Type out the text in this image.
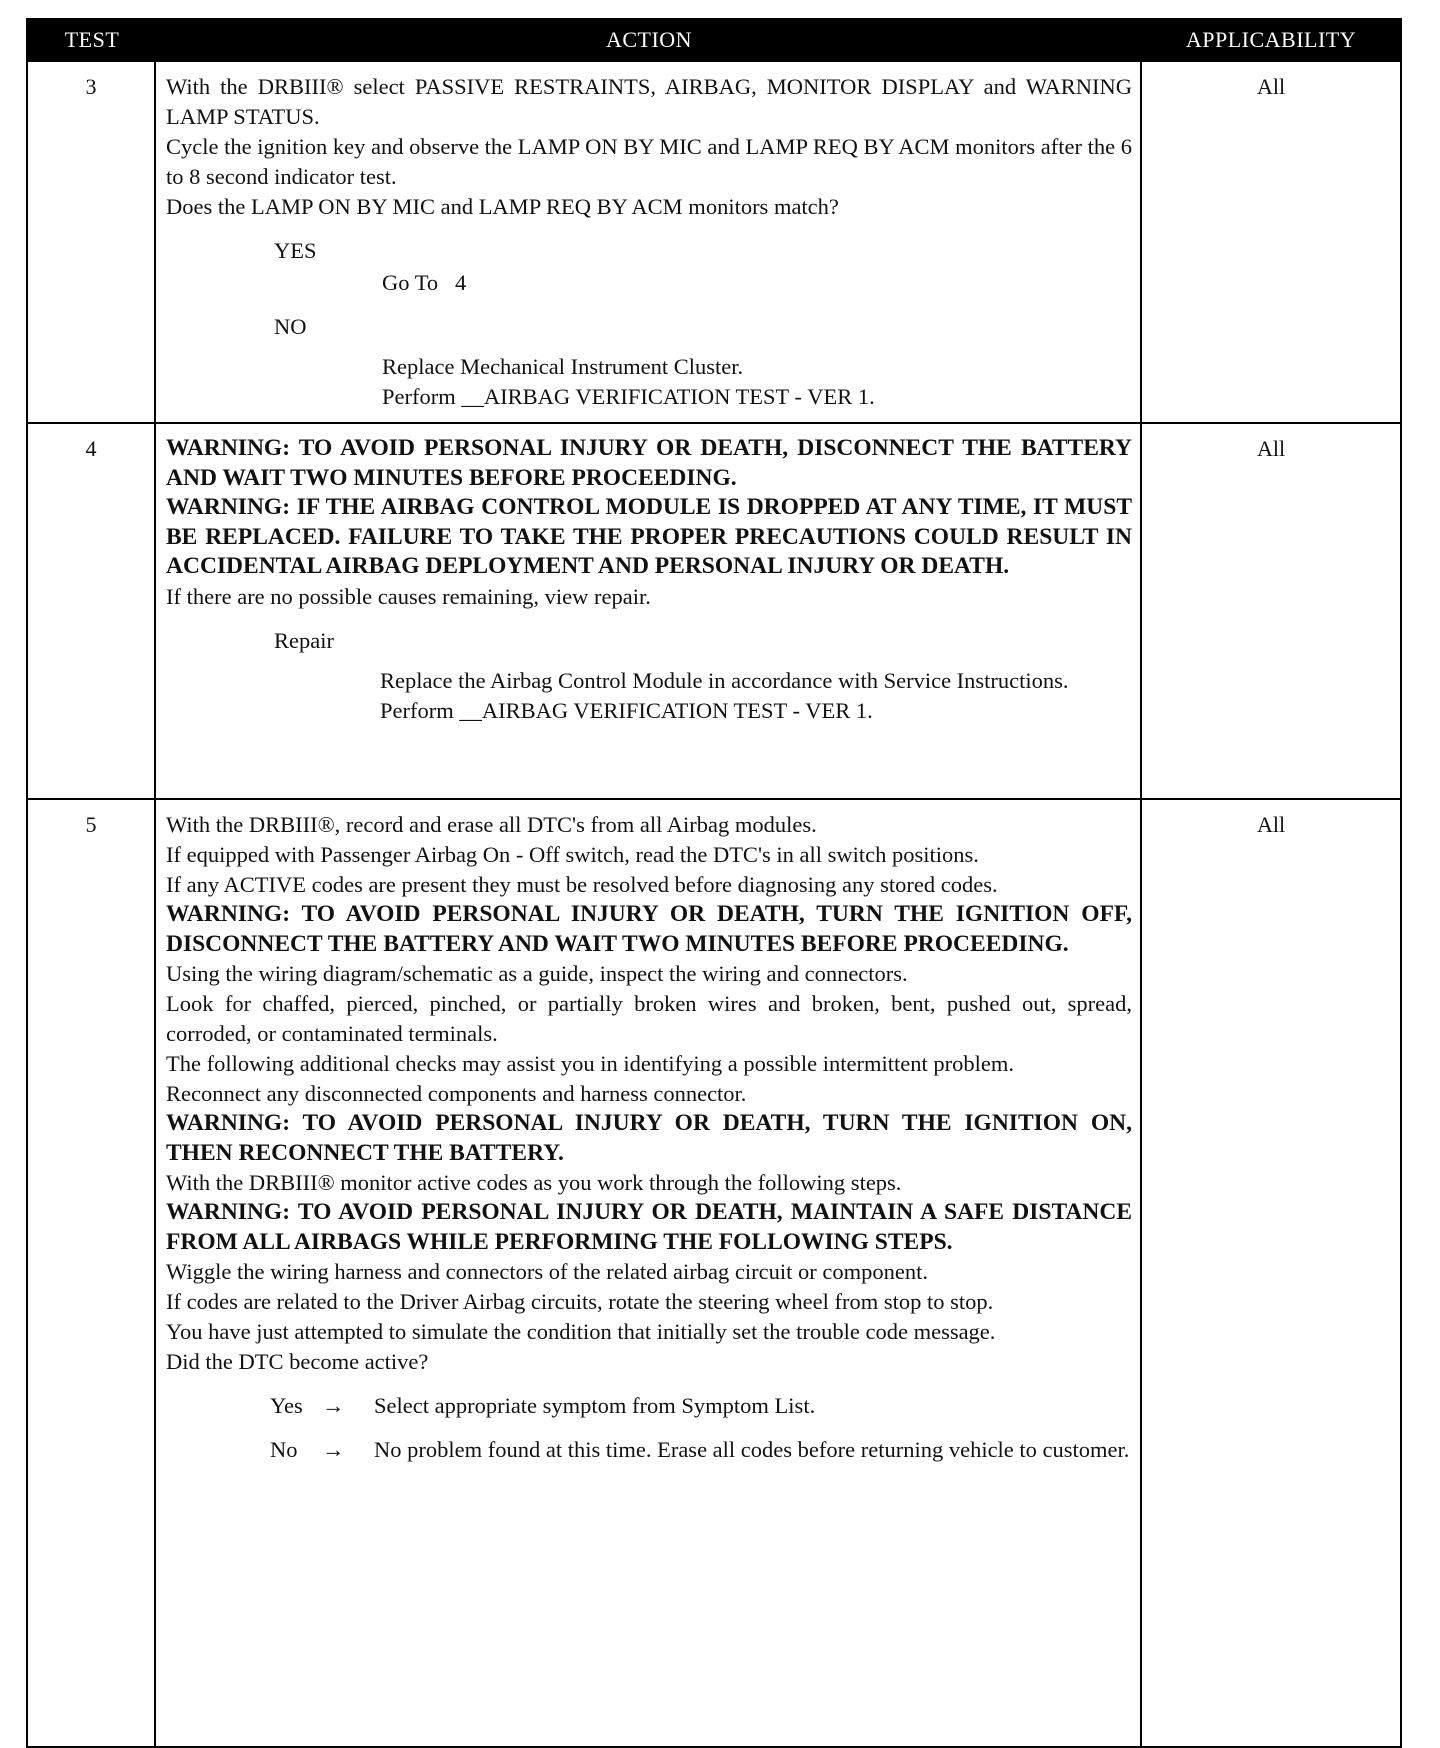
TEST	ACTION	APPLICABILITY
3	With the DRBIII® select PASSIVE RESTRAINTS, AIRBAG, MONITOR DISPLAY and WARNING LAMP STATUS.

Cycle the ignition key and observe the LAMP ON BY MIC and LAMP REQ BY ACM monitors after the 6 to 8 second indicator test.

Does the LAMP ON BY MIC and LAMP REQ BY ACM monitors match?

YES

Go To   4

NO

Replace Mechanical Instrument Cluster.

Perform __AIRBAG VERIFICATION TEST - VER 1.

All
4	WARNING: TO AVOID PERSONAL INJURY OR DEATH, DISCONNECT THE BATTERY AND WAIT TWO MINUTES BEFORE PROCEEDING.

WARNING: IF THE AIRBAG CONTROL MODULE IS DROPPED AT ANY TIME, IT MUST BE REPLACED. FAILURE TO TAKE THE PROPER PRECAUTIONS COULD RESULT IN ACCIDENTAL AIRBAG DEPLOYMENT AND PERSONAL INJURY OR DEATH.

If there are no possible causes remaining, view repair.

Repair

Replace the Airbag Control Module in accordance with Service Instructions.

Perform __AIRBAG VERIFICATION TEST - VER 1.

All
5	With the DRBIII®, record and erase all DTC's from all Airbag modules.

If equipped with Passenger Airbag On - Off switch, read the DTC's in all switch positions.

If any ACTIVE codes are present they must be resolved before diagnosing any stored codes.

WARNING: TO AVOID PERSONAL INJURY OR DEATH, TURN THE IGNITION OFF, DISCONNECT THE BATTERY AND WAIT TWO MINUTES BEFORE PROCEEDING.

Using the wiring diagram/schematic as a guide, inspect the wiring and connectors.

Look for chaffed, pierced, pinched, or partially broken wires and broken, bent, pushed out, spread, corroded, or contaminated terminals.

The following additional checks may assist you in identifying a possible intermittent problem.

Reconnect any disconnected components and harness connector.

WARNING: TO AVOID PERSONAL INJURY OR DEATH, TURN THE IGNITION ON, THEN RECONNECT THE BATTERY.

With the DRBIII® monitor active codes as you work through the following steps.

WARNING: TO AVOID PERSONAL INJURY OR DEATH, MAINTAIN A SAFE DISTANCE FROM ALL AIRBAGS WHILE PERFORMING THE FOLLOWING STEPS.

Wiggle the wiring harness and connectors of the related airbag circuit or component.

If codes are related to the Driver Airbag circuits, rotate the steering wheel from stop to stop.

You have just attempted to simulate the condition that initially set the trouble code message.

Did the DTC become active?

Yes →	Select appropriate symptom from Symptom List.
No	→	No problem found at this time. Erase all codes before returning vehicle to customer.
All
